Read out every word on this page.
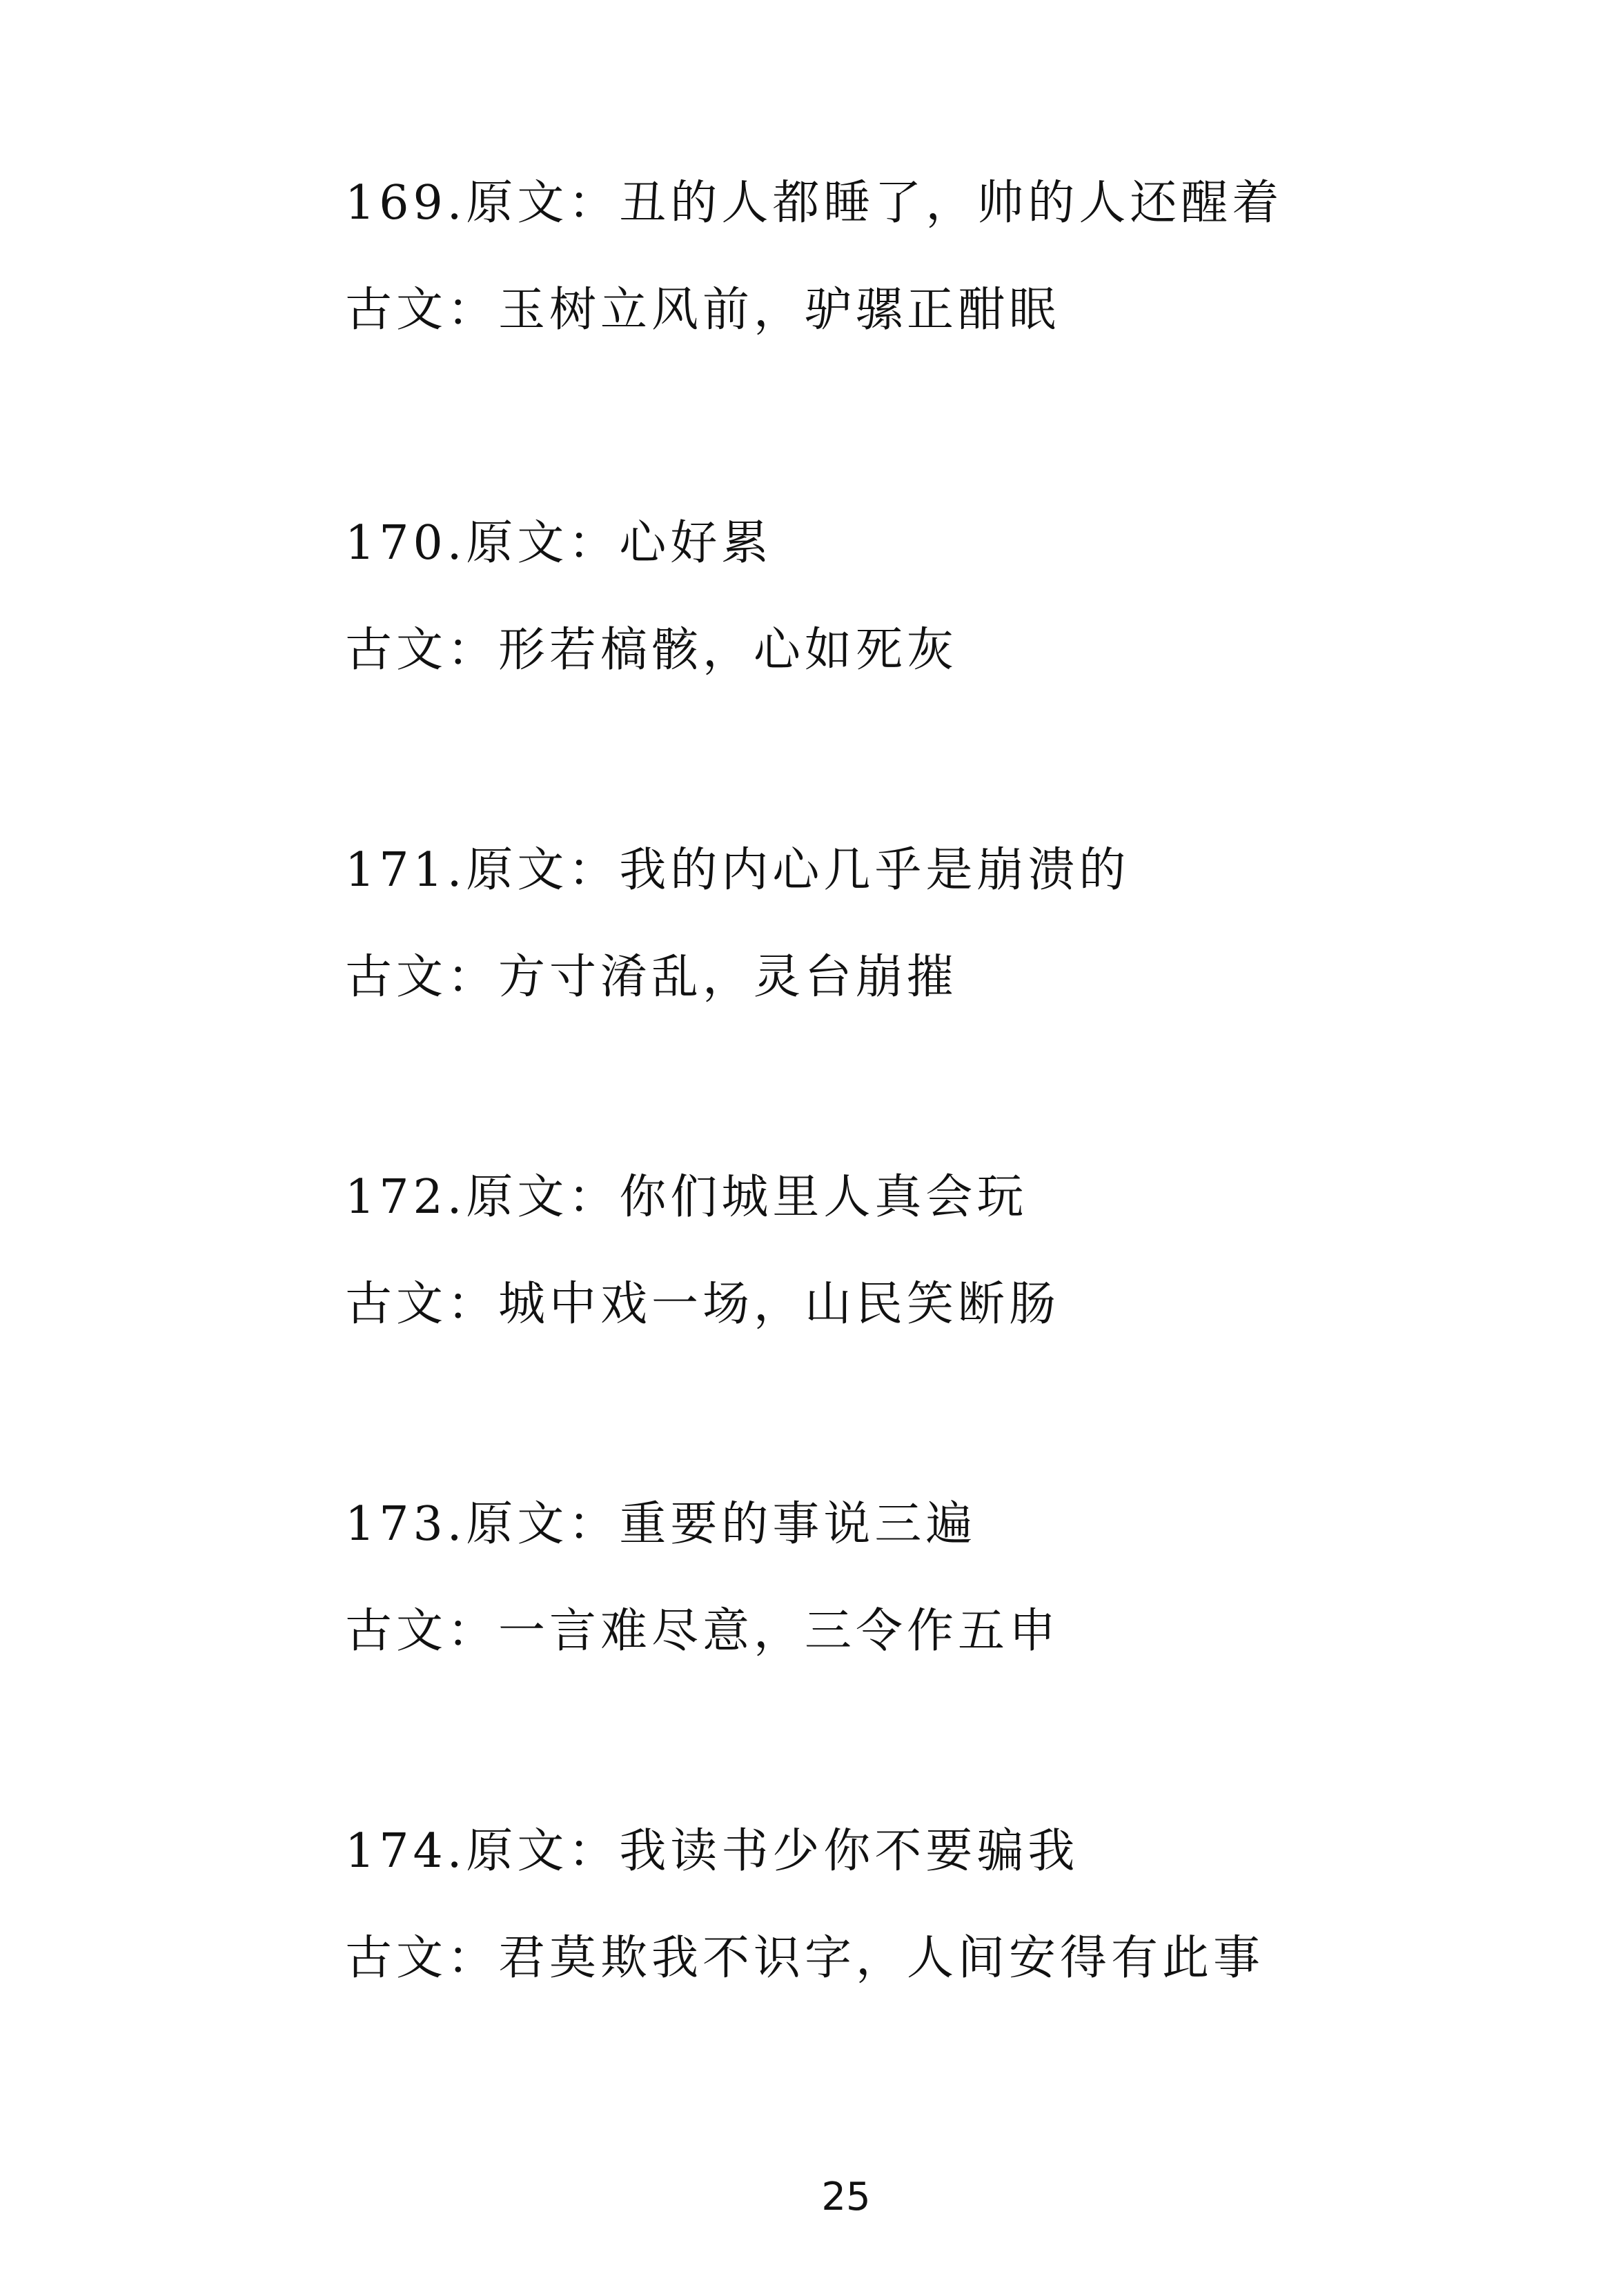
169.原文：丑的人都睡了，帅的人还醒着
古文：玉树立风前，驴骡正酣眠
170.原文：心好累
古文：形若槁骸，心如死灰
171.原文：我的内心几乎是崩溃的
古文：方寸淆乱，灵台崩摧
172.原文：你们城里人真会玩
古文：城中戏一场，山民笑断肠
173.原文：重要的事说三遍
古文：一言难尽意，三令作五申
174.原文：我读书少你不要骗我
古文：君莫欺我不识字，人间安得有此事
25
